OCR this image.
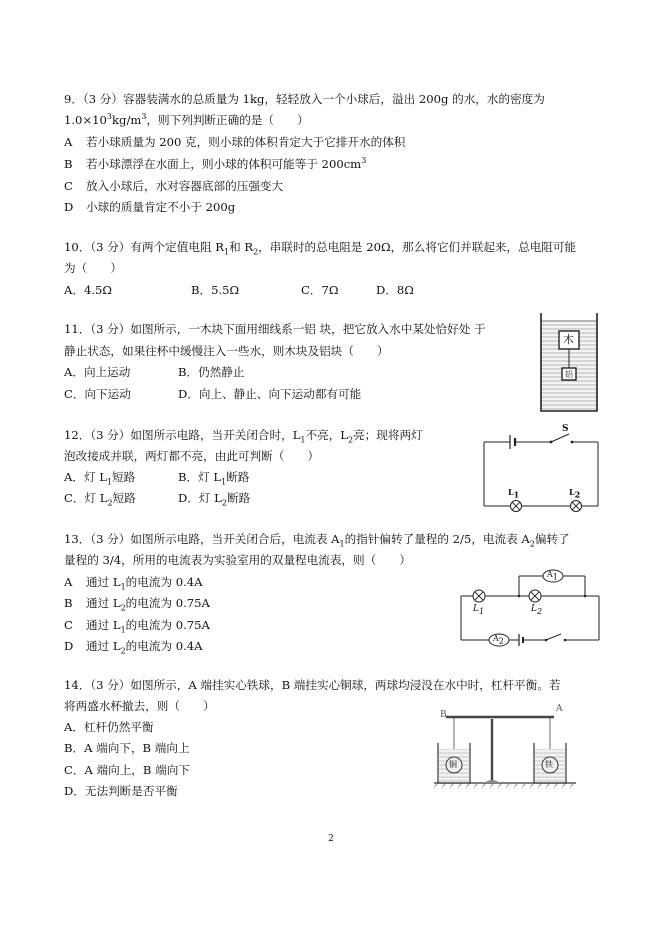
9．（3 分）容器装满水的总质量为 1kg，轻轻放入一个小球后，溢出 200g 的水，水的密度为
$1.0\times 10^3kg/m^3$，则下列判断正确的是（　　）
A 若小球质量为 200 克，则小球的体积肯定大于它排开水的体积
B 若小球漂浮在水面上，则小球的体积可能等于 $200cm^3$
C 放入小球后，水对容器底部的压强变大
D 小球的质量肯定不小于 200g
10．（3 分）有两个定值电阻 $R_1$和 $R_2$，串联时的总电阻是 20Ω，那么将它们并联起来，总电阻可能
为（　　）
A．4.5Ω	B．5.5Ω	C．7Ω	D．8Ω
11．（3 分）如图所示，一木块下面用细线系一铝 块，把它放入水中某处恰好处 于
静止状态，如果往杯中缓慢注入一些水，则木块及铝块（　　）
A．向上运动	B．仍然静止
C．向下运动	D．向上、静止、向下运动都有可能
木
铝
12．（3 分）如图所示电路，当开关闭合时，$L_1$不亮，$L_2$亮；现将两灯
泡改接成并联，两灯都不亮，由此可判断（　　）
A．灯 $L_1$短路	B．灯 $L_1$断路
C．灯 $L_2$短路	D．灯 $L_2$断路
S
$L_1$	$L_2$
13．（3 分）如图所示电路，当开关闭合后，电流表 $A_1$的指针偏转了量程的 2/5，电流表 $A_2$偏转了
量程的 3/4，所用的电流表为实验室用的双量程电流表，则（　　）
A 通过 $L_1$的电流为 0.4A
B 通过 $L_2$的电流为 0.75A
C 通过 $L_1$的电流为 0.75A
D 通过 $L_2$的电流为 0.4A
$A_1$
$A_2$
$L_1$	$L_2$
14．（3 分）如图所示，A 端挂实心铁球，B 端挂实心铜球，两球均浸没在水中时，杠杆平衡。若
将两盛水杯撤去，则（　　）
A．杠杆仍然平衡
B．A 端向下，B 端向上
C．A 端向上，B 端向下
D．无法判断是否平衡
B
A
铜	铁
2
